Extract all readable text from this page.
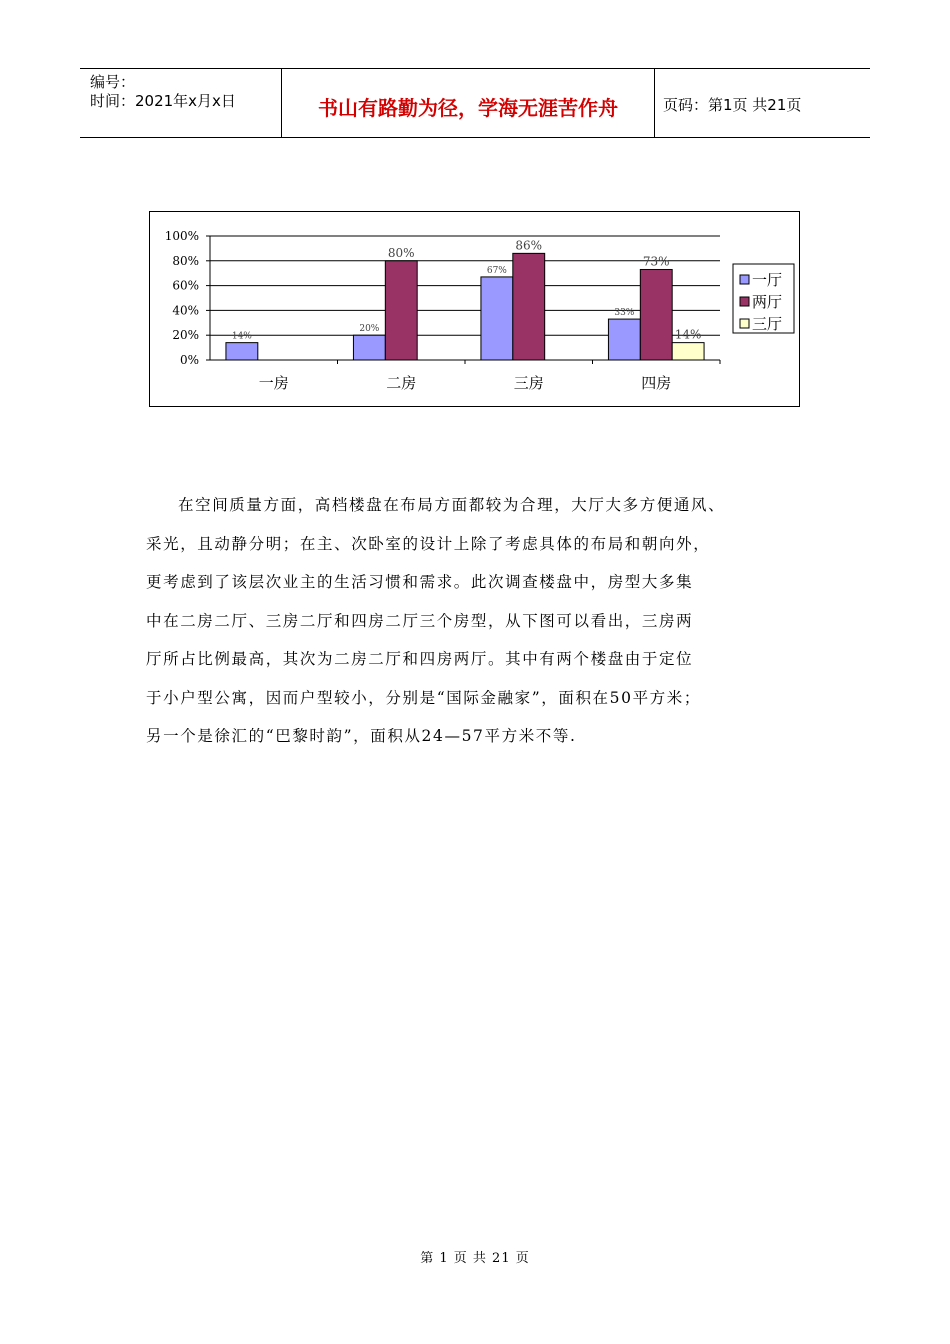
编号：
时间：2021年x月x日	书山有路勤为径，学海无涯苦作舟	页码：第1页 共21页
0%
20%
40%
60%
80%
100%
14%
一房
20%
80%
二房
67%
86%
三房
33%
73%
14%
四房
一厅
两厅
三厅
在空间质量方面，高档楼盘在布局方面都较为合理，大厅大多方便通风、
采光，且动静分明；在主、次卧室的设计上除了考虑具体的布局和朝向外，
更考虑到了该层次业主的生活习惯和需求。此次调查楼盘中，房型大多集
中在二房二厅、三房二厅和四房二厅三个房型，从下图可以看出，三房两
厅所占比例最高，其次为二房二厅和四房两厅。其中有两个楼盘由于定位
于小户型公寓，因而户型较小，分别是“国际金融家”，面积在50平方米；
另一个是徐汇的“巴黎时韵”，面积从24—57平方米不等.
第 1 页 共 21 页
